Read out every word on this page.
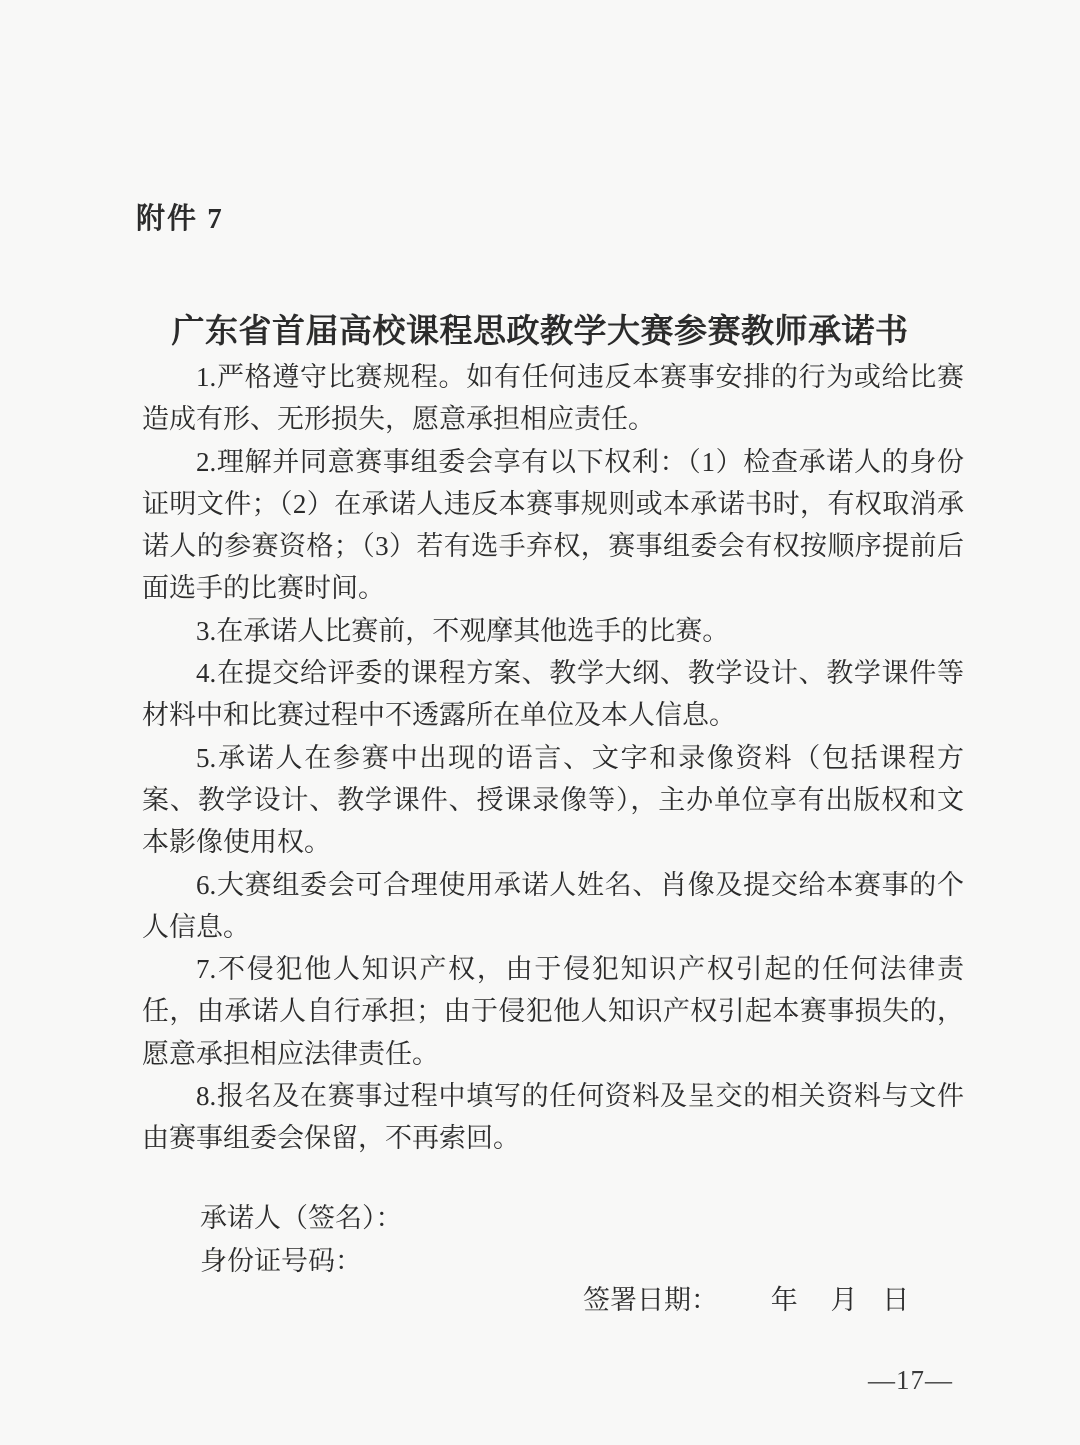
附件 7
广东省首届高校课程思政教学大赛参赛教师承诺书

1.严格遵守比赛规程。如有任何违反本赛事安排的行为或给比赛造成有形、无形损失，愿意承担相应责任。

2.理解并同意赛事组委会享有以下权利：（1）检查承诺人的身份证明文件；（2）在承诺人违反本赛事规则或本承诺书时，有权取消承诺人的参赛资格；（3）若有选手弃权，赛事组委会有权按顺序提前后面选手的比赛时间。

3.在承诺人比赛前，不观摩其他选手的比赛。

4.在提交给评委的课程方案、教学大纲、教学设计、教学课件等材料中和比赛过程中不透露所在单位及本人信息。

5.承诺人在参赛中出现的语言、文字和录像资料（包括课程方案、教学设计、教学课件、授课录像等），主办单位享有出版权和文本影像使用权。

6.大赛组委会可合理使用承诺人姓名、肖像及提交给本赛事的个人信息。

7.不侵犯他人知识产权，由于侵犯知识产权引起的任何法律责任，由承诺人自行承担；由于侵犯他人知识产权引起本赛事损失的，愿意承担相应法律责任。

8.报名及在赛事过程中填写的任何资料及呈交的相关资料与文件由赛事组委会保留，不再索回。

承诺人（签名）：
身份证号码：
签署日期： 年 月 日
—17—
